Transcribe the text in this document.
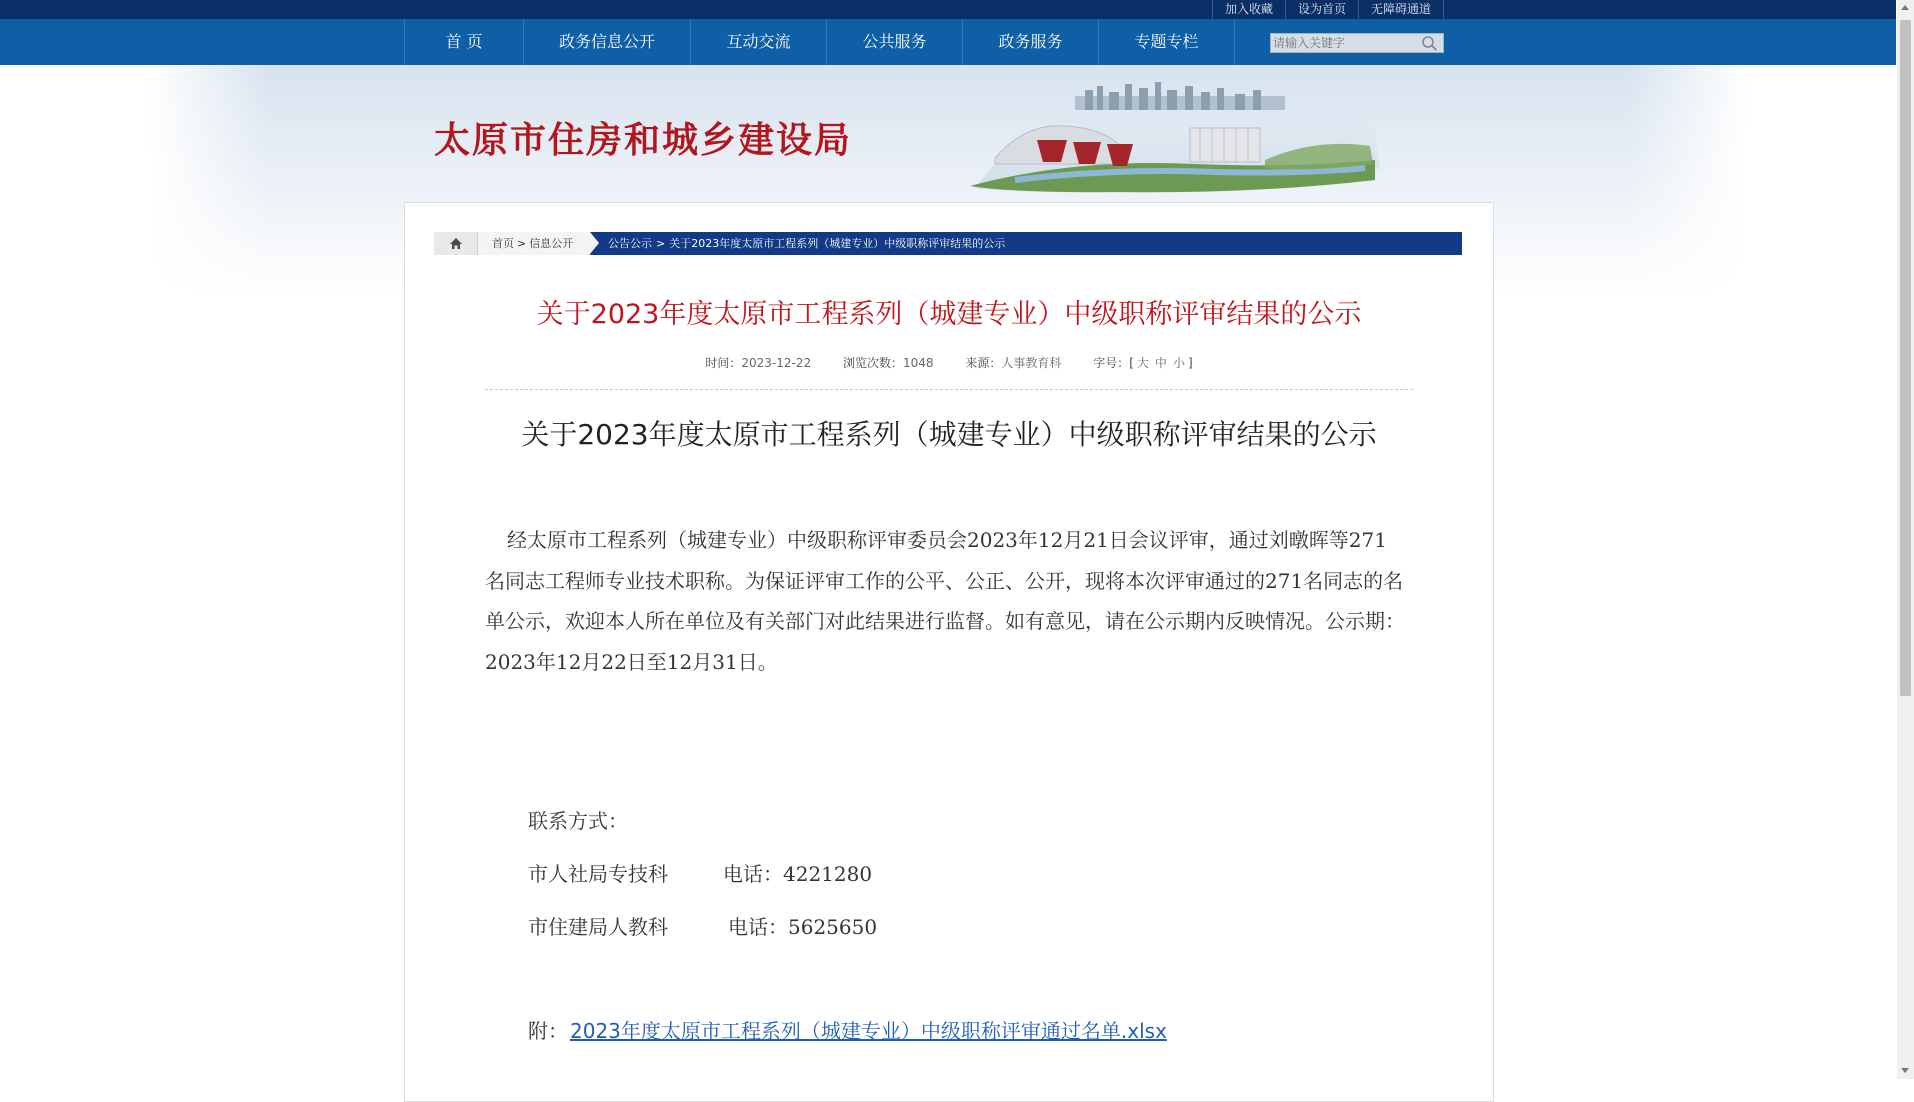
加入收藏	设为首页	无障碍通道
首 页	政务信息公开	互动交流	公共服务	政务服务	专题专栏
请输入关键字
太原市住房和城乡建设局
首页 > 信息公开	公告公示 > 关于2023年度太原市工程系列（城建专业）中级职称评审结果的公示
关于2023年度太原市工程系列（城建专业）中级职称评审结果的公示
时间：2023-12-22	浏览次数：1048	来源：人事教育科	字号：[ 大 中 小 ]
关于2023年度太原市工程系列（城建专业）中级职称评审结果的公示

经太原市工程系列（城建专业）中级职称评审委员会2023年12月21日会议评审，通过刘暾晖等271名同志工程师专业技术职称。为保证评审工作的公平、公正、公开，现将本次评审通过的271名同志的名单公示，欢迎本人所在单位及有关部门对此结果进行监督。如有意见，请在公示期内反映情况。公示期：2023年12月22日至12月31日。

联系方式：
市人社局专技科	电话：4221280
市住建局人教科	电话：5625650
附： 2023年度太原市工程系列（城建专业）中级职称评审通过名单.xlsx
